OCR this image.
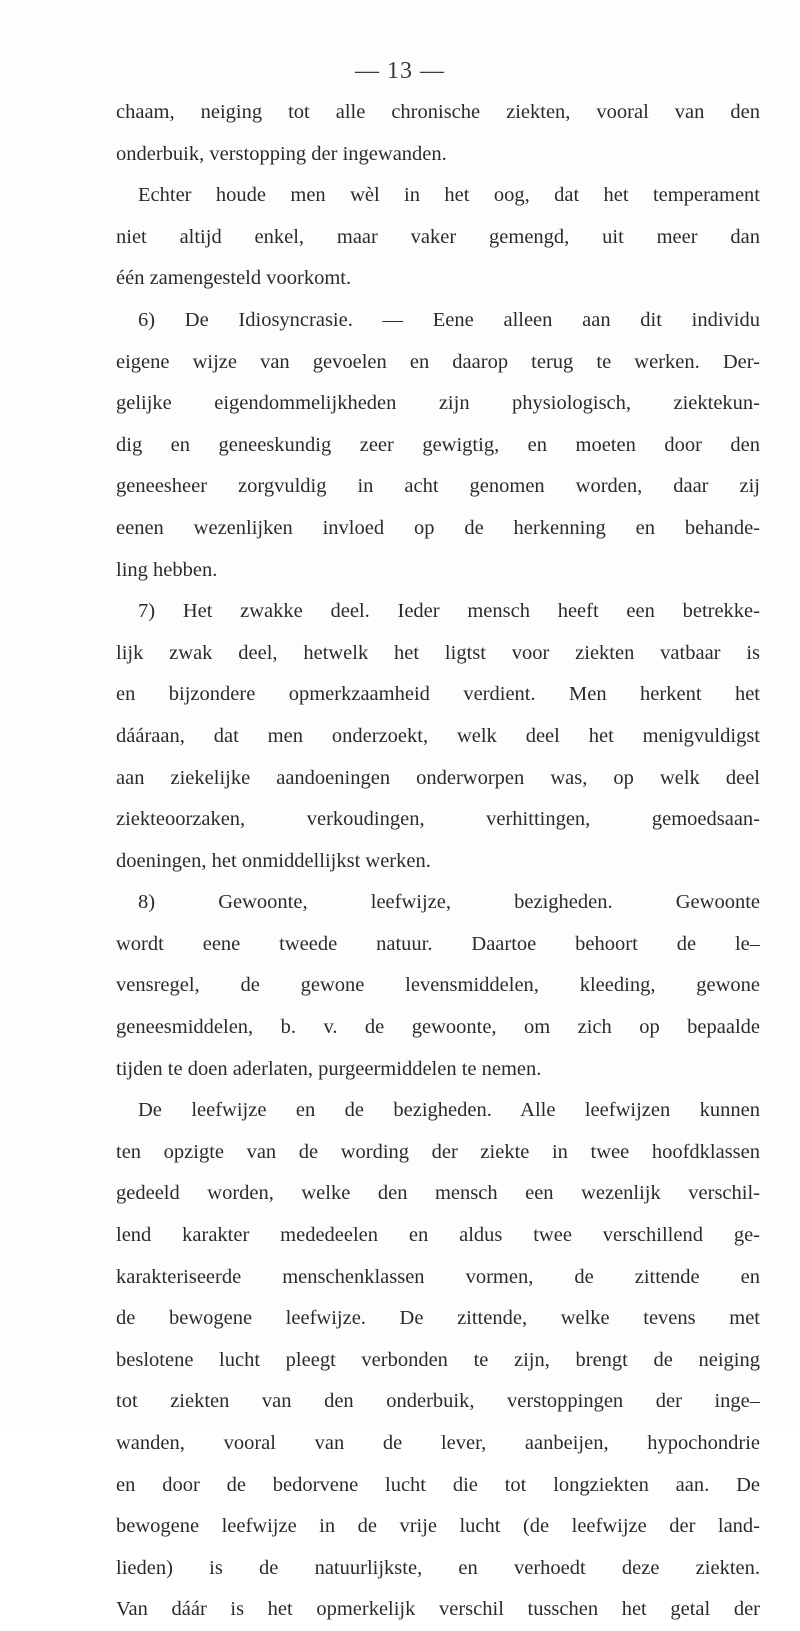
— 13 —
chaam, neiging tot alle chronische ziekten, vooral van den
onderbuik, verstopping der ingewanden.
Echter houde men wèl in het oog, dat het temperament
niet altijd enkel, maar vaker gemengd, uit meer dan
één zamengesteld voorkomt.
6) De Idiosyncrasie. — Eene alleen aan dit individu
eigene wijze van gevoelen en daarop terug te werken. Der-
gelijke eigendommelijkheden zijn physiologisch, ziektekun-
dig en geneeskundig zeer gewigtig, en moeten door den
geneesheer zorgvuldig in acht genomen worden, daar zij
eenen wezenlijken invloed op de herkenning en behande-
ling hebben.
7) Het zwakke deel. Ieder mensch heeft een betrekke-
lijk zwak deel, hetwelk het ligtst voor ziekten vatbaar is
en bijzondere opmerkzaamheid verdient. Men herkent het
dááraan, dat men onderzoekt, welk deel het menigvuldigst
aan ziekelijke aandoeningen onderworpen was, op welk deel
ziekteoorzaken, verkoudingen, verhittingen, gemoedsaan-
doeningen, het onmiddellijkst werken.
8) Gewoonte, leefwijze, bezigheden. Gewoonte
wordt eene tweede natuur. Daartoe behoort de le–
vensregel, de gewone levensmiddelen, kleeding, gewone
geneesmiddelen, b. v. de gewoonte, om zich op bepaalde
tijden te doen aderlaten, purgeermiddelen te nemen.
De leefwijze en de bezigheden. Alle leefwijzen kunnen
ten opzigte van de wording der ziekte in twee hoofdklassen
gedeeld worden, welke den mensch een wezenlijk verschil-
lend karakter mededeelen en aldus twee verschillend ge-
karakteriseerde menschenklassen vormen, de zittende en
de bewogene leefwijze. De zittende, welke tevens met
beslotene lucht pleegt verbonden te zijn, brengt de neiging
tot ziekten van den onderbuik, verstoppingen der inge–
wanden, vooral van de lever, aanbeijen, hypochondrie
en door de bedorvene lucht die tot longziekten aan. De
bewogene leefwijze in de vrije lucht (de leefwijze der land-
lieden) is de natuurlijkste, en verhoedt deze ziekten.
Van dáár is het opmerkelijk verschil tusschen het getal der
